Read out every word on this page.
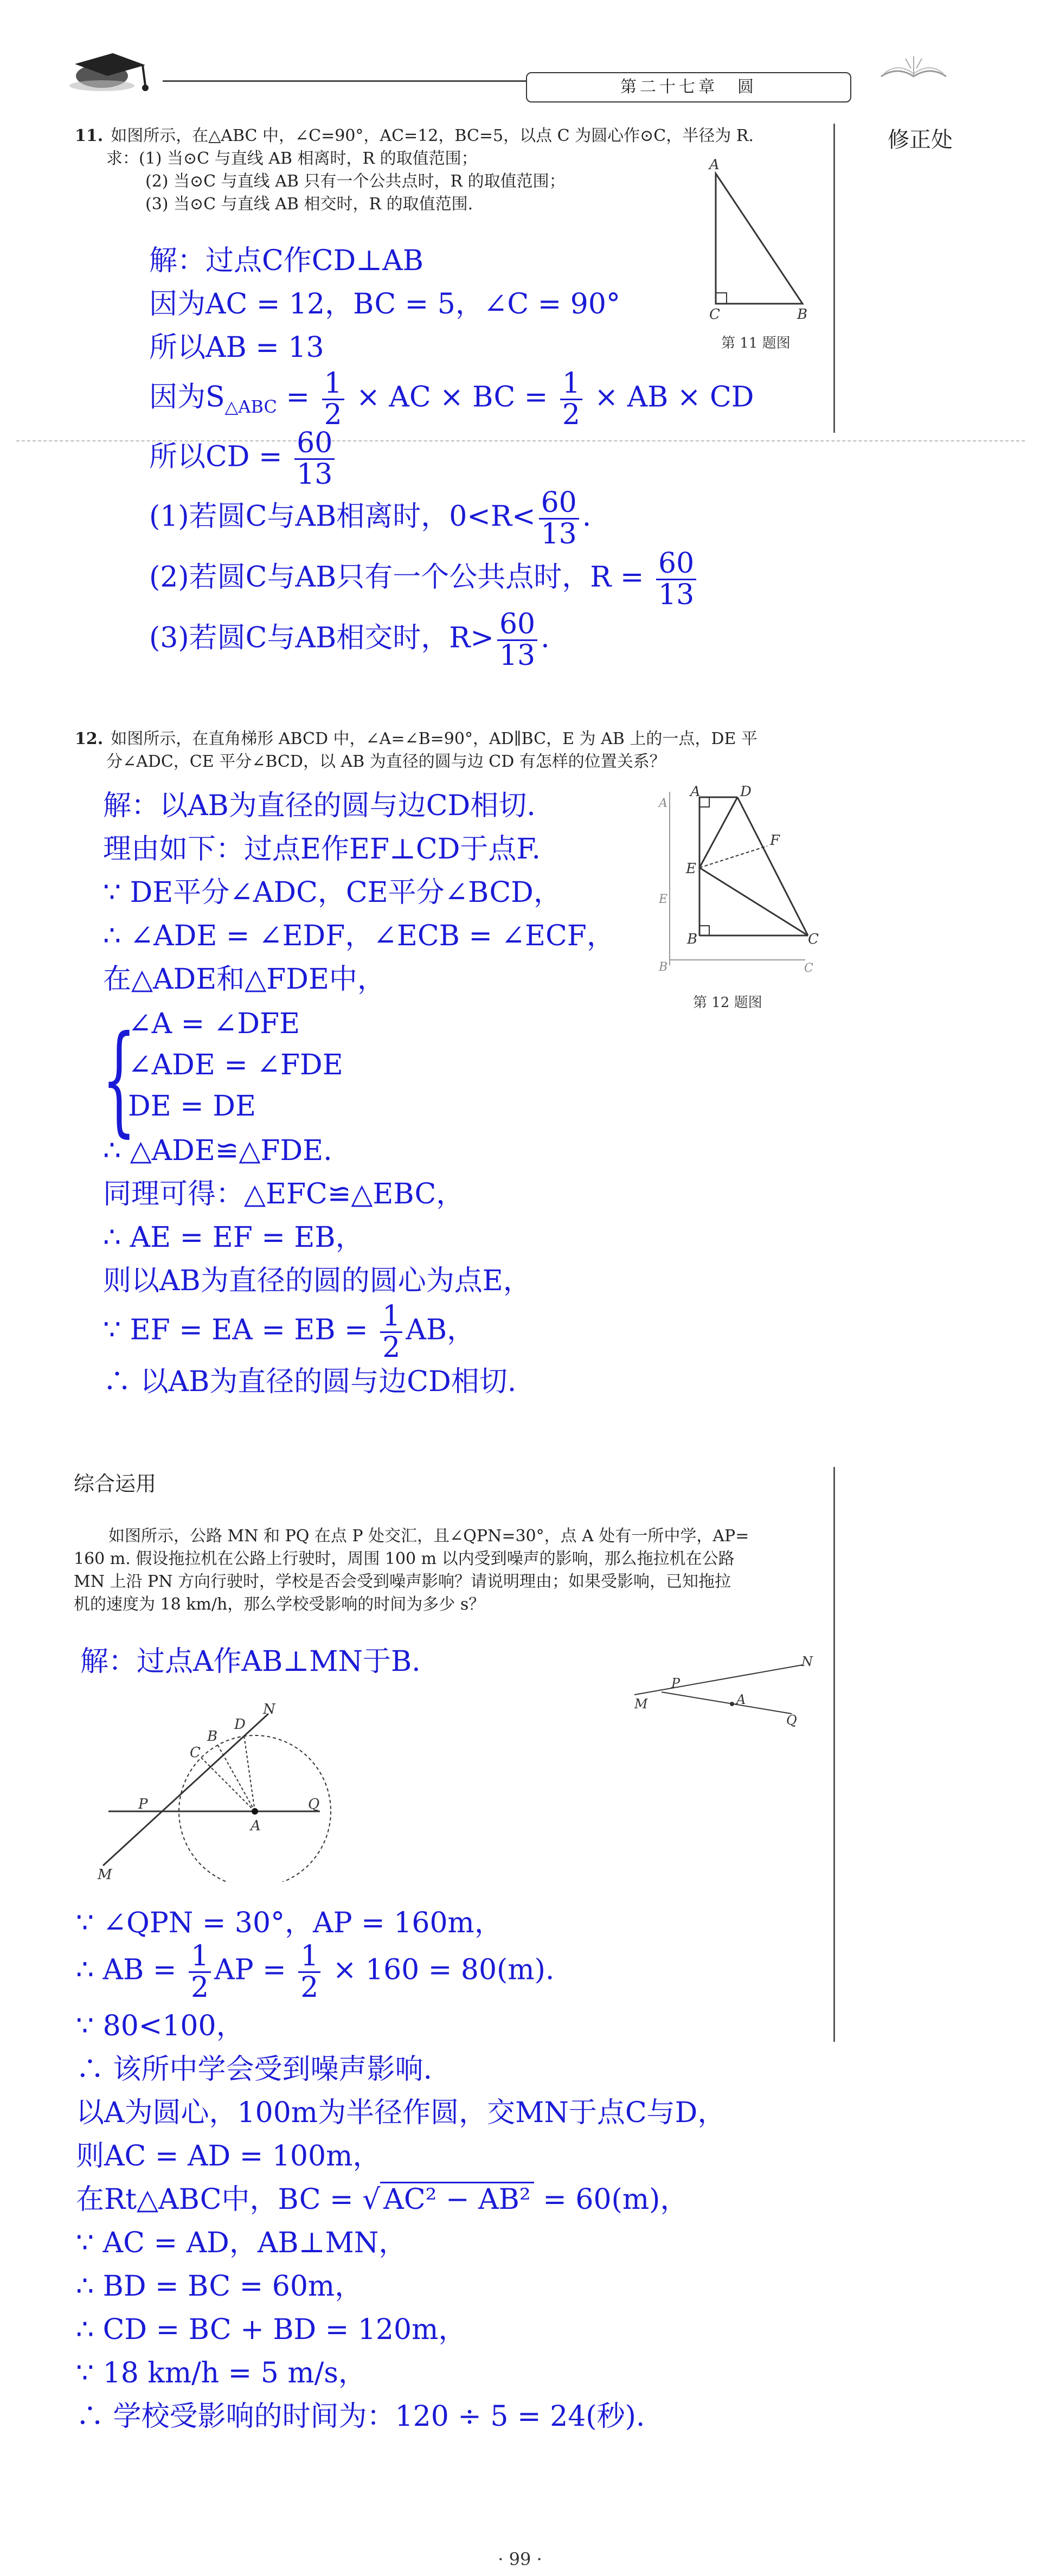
第二十七章　圆
修正处
11. 如图所示，在△ABC 中，∠C=90°，AC=12，BC=5，以点 C 为圆心作⊙C，半径为 R.
求：(1) 当⊙C 与直线 AB 相离时，R 的取值范围；
(2) 当⊙C 与直线 AB 只有一个公共点时，R 的取值范围；
(3) 当⊙C 与直线 AB 相交时，R 的取值范围.
A
C	B
第 11 题图
解：过点C作CD⊥AB
因为AC = 12，BC = 5，∠C = 90°
所以AB = 13
因为$S_{\triangle ABC} = \frac{1}{2}$ × AC × BC = $\frac{1}{2}$ × AB × CD
所以CD = $\frac{60}{13}$
(1)若圆C与AB相离时，$0<R< \frac{60}{13}$ .
(2)若圆C与AB只有一个公共点时，$R = \frac{60}{13}$
(3)若圆C与AB相交时，$R> \frac{60}{13}$ .
12. 如图所示，在直角梯形 ABCD 中，∠A=∠B=90°，AD∥BC，E 为 AB 上的一点，DE 平
分∠ADC，CE 平分∠BCD，以 AB 为直径的圆与边 CD 有怎样的位置关系？
A
A
D
F
E
E
B
B
C
C
第 12 题图
解：以AB为直径的圆与边CD相切.
理由如下：过点E作EF⊥CD于点F.
∵ DE平分∠ADC，CE平分∠BCD，
∴ ∠ADE = ∠EDF，∠ECB = ∠ECF，
在△ADE和△FDE中，
{
∠A = ∠DFE
∠ADE = ∠FDE
DE = DE
∴ △ADE≌△FDE.
同理可得：△EFC≌△EBC，
∴ AE = EF = EB，
则以AB为直径的圆的圆心为点E，
∵ EF = EA = EB = $\frac{1}{2}$ AB，
∴ 以AB为直径的圆与边CD相切.
综合运用
如图所示，公路 MN 和 PQ 在点 P 处交汇，且∠QPN=30°，点 A 处有一所中学，AP=
160 m. 假设拖拉机在公路上行驶时，周围 100 m 以内受到噪声的影响，那么拖拉机在公路
MN 上沿 PN 方向行驶时，学校是否会受到噪声影响？请说明理由；如果受影响，已知拖拉
机的速度为 18 km/h，那么学校受影响的时间为多少 s？
解：过点A作AB⊥MN于B.
M
P
A
N
Q
M
P
C
B
D
N
A
Q
∵ ∠QPN = 30°，AP = 160m，
∴ AB = $\frac{1}{2}$ AP = $\frac{1}{2} \times 160 = 80(m)$.
∵ 80<100，
∴ 该所中学会受到噪声影响.
以A为圆心，100m为半径作圆，交MN于点C与D，
则AC = AD = 100m，
在Rt△ABC中，BC = √ AC² − AB² = 60(m)，
∵ AC = AD，AB⊥MN，
∴ BD = BC = 60m，
∴ CD = BC + BD = 120m，
∵ 18 km/h = 5 m/s，
∴ 学校受影响的时间为：120 ÷ 5 = 24(秒).
· 99 ·
